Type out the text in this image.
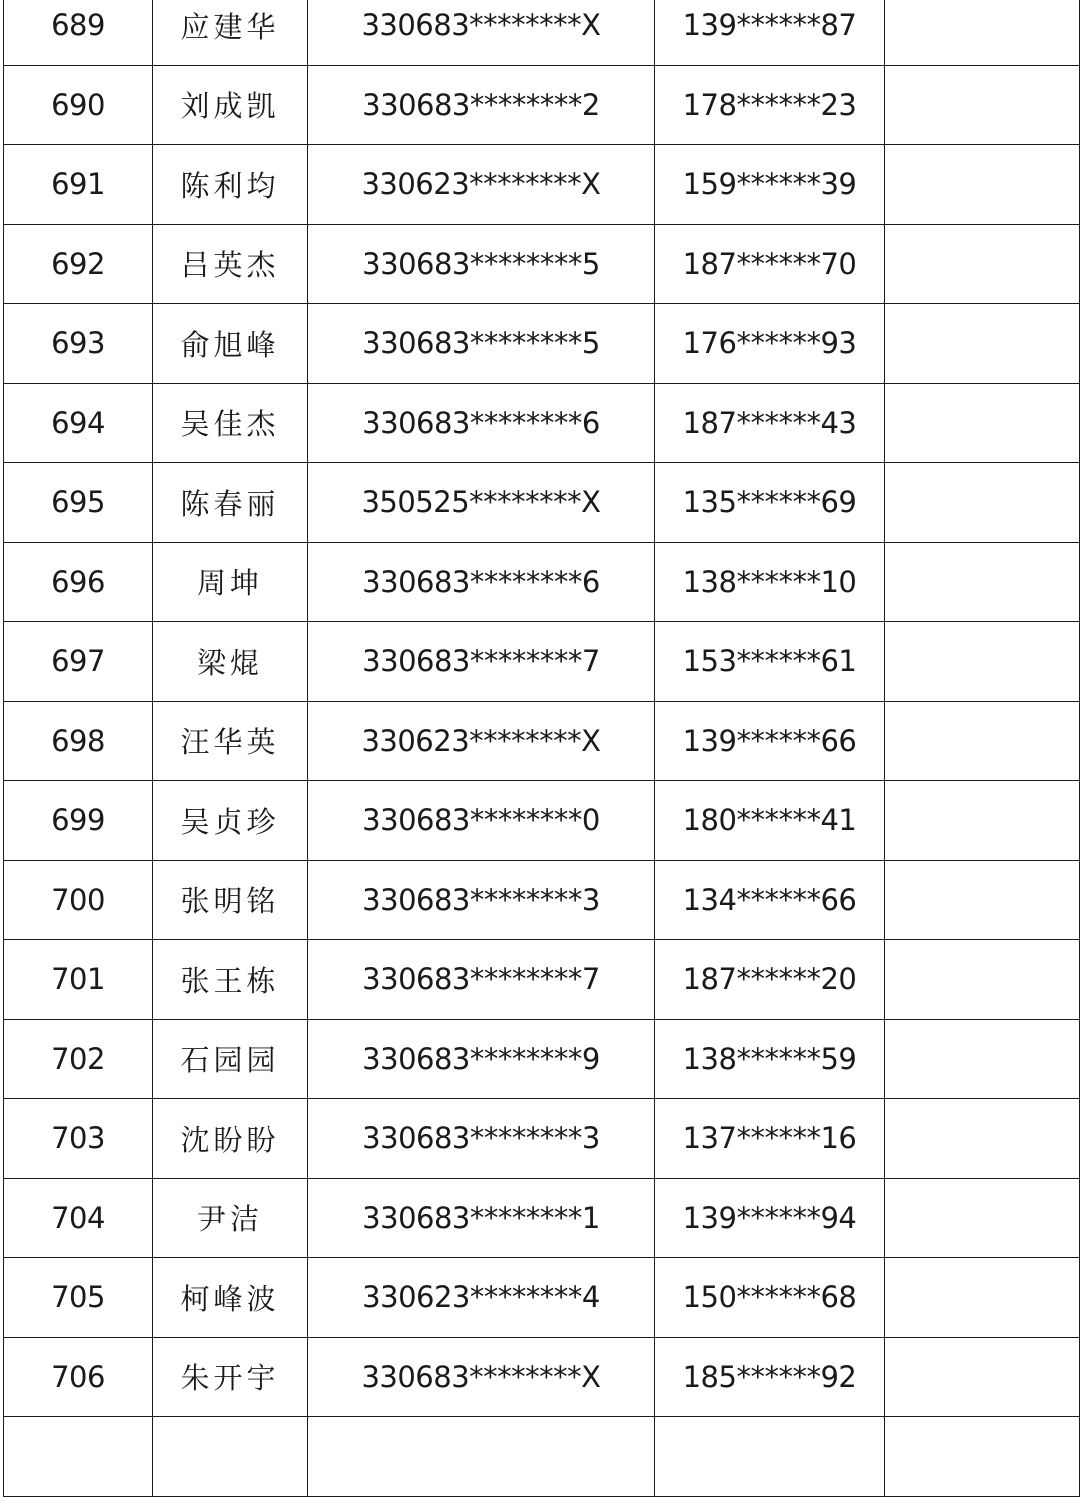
689	应建华	330683********X	139******87	
690	刘成凯	330683********2	178******23	
691	陈利均	330623********X	159******39	
692	吕英杰	330683********5	187******70	
693	俞旭峰	330683********5	176******93	
694	吴佳杰	330683********6	187******43	
695	陈春丽	350525********X	135******69	
696	周坤	330683********6	138******10	
697	梁焜	330683********7	153******61	
698	汪华英	330623********X	139******66	
699	吴贞珍	330683********0	180******41	
700	张明铭	330683********3	134******66	
701	张王栋	330683********7	187******20	
702	石园园	330683********9	138******59	
703	沈盼盼	330683********3	137******16	
704	尹洁	330683********1	139******94	
705	柯峰波	330623********4	150******68	
706	朱开宇	330683********X	185******92	
